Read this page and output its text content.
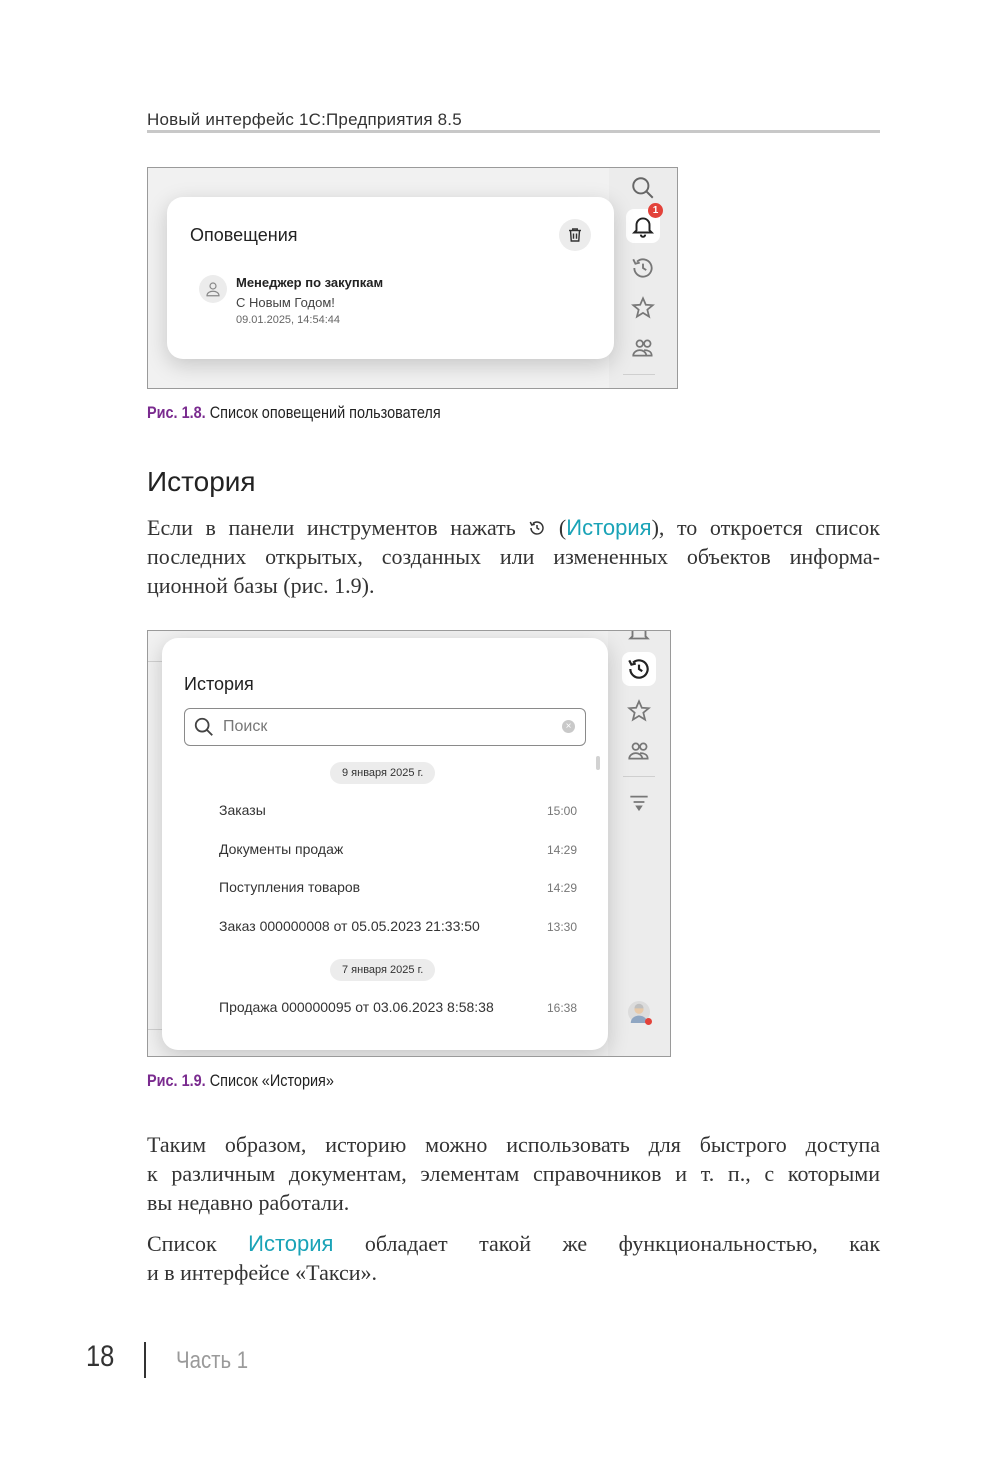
Новый интерфейс 1С:Предприятия 8.5
1
Оповещения
Менеджер по закупкам
С Новым Годом!
09.01.2025, 14:54:44
Рис. 1.8. Список оповещений пользователя
История
Если в панели инструментов нажать (История), то откроется список
последних открытых, созданных или измененных объектов информа-
ционной базы (рис. 1.9).
История
Поиск	×
9 января 2025 г.
Заказы	15:00
Документы продаж	14:29
Поступления товаров	14:29
Заказ 000000008 от 05.05.2023 21:33:50	13:30
7 января 2025 г.
Продажа 000000095 от 03.06.2023 8:58:38	16:38
Рис. 1.9. Список «История»
Таким образом, историю можно использовать для быстрого доступа
к различным документам, элементам справочников и т. п., с которыми
вы недавно работали.
Список История обладает такой же функциональностью, как
и в интерфейсе «Такси».
18	Часть 1
